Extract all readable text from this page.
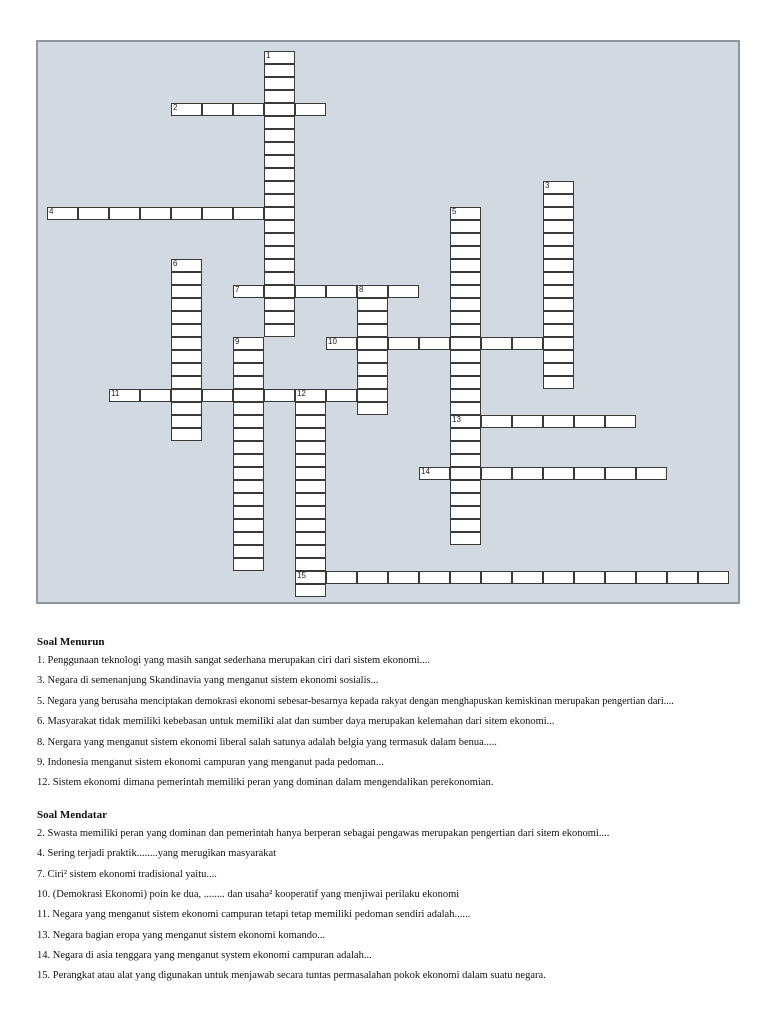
1
2
3
4	5
13
6
7	8
9	10
11	12
15
14
Soal Menurun
1. Penggunaan teknologi yang masih sangat sederhana merupakan ciri dari sistem ekonomi....
3. Negara di semenanjung Skandinavia yang menganut sistem ekonomi sosialis...
5. Negara yang berusaha menciptakan demokrasi ekonomi sebesar-besarnya kepada rakyat dengan menghapuskan kemiskinan merupakan pengertian dari....
6. Masyarakat tidak memiliki kebebasan untuk memiliki alat dan sumber daya merupakan kelemahan dari sitem ekonomi...
8. Nergara yang menganut sistem ekonomi liberal salah satunya adalah belgia yang termasuk dalam benua.....
9. Indonesia menganut sistem ekonomi campuran yang menganut pada pedoman...
12. Sistem ekonomi dimana pemerintah memiliki peran yang dominan dalam mengendalikan perekonomian.
Soal Mendatar
2. Swasta memiliki peran yang dominan dan pemerintah hanya berperan sebagai pengawas merupakan pengertian dari sitem ekonomi....
4. Sering terjadi praktik........yang merugikan masyarakat
7. Ciri² sistem ekonomi tradisional yaitu....
10. (Demokrasi Ekonomi) poin ke dua, ........ dan usaha² kooperatif yang menjiwai perilaku ekonomi
11. Negara yang menganut sistem ekonomi campuran tetapi tetap memiliki pedoman sendiri adalah......
13. Negara bagian eropa yang menganut sistem ekonomi komando...
14. Negara di asia tenggara yang menganut system ekonomi campuran adalah...
15. Perangkat atau alat yang digunakan untuk menjawab secara tuntas permasalahan pokok ekonomi dalam suatu negara.
